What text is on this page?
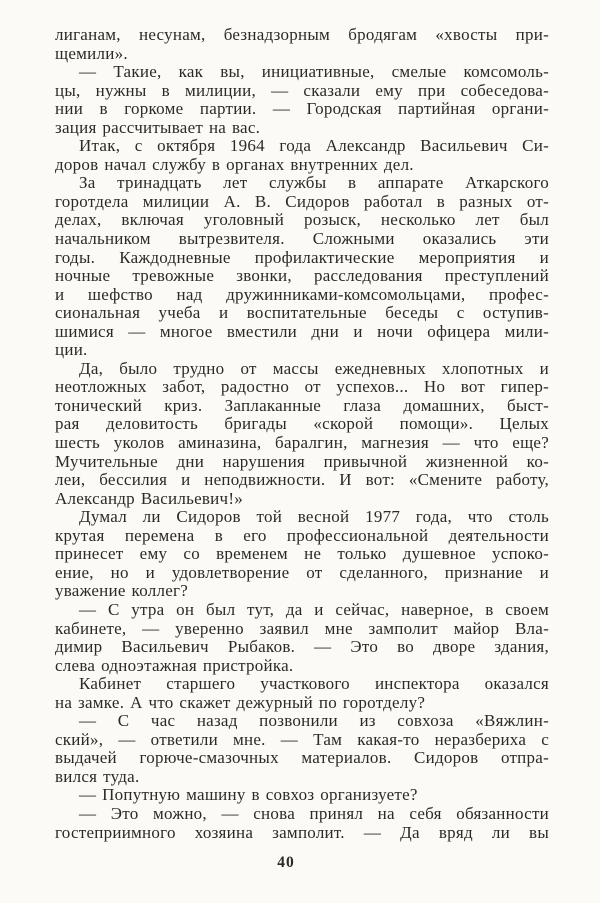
лиганам, несунам, безнадзорным бродягам «хвосты при-
щемили».
— Такие, как вы, инициативные, смелые комсомоль-
цы, нужны в милиции, — сказали ему при собеседова-
нии в горкоме партии. — Городская партийная органи-
зация рассчитывает на вас.
Итак, с октября 1964 года Александр Васильевич Си-
доров начал службу в органах внутренних дел.
За тринадцать лет службы в аппарате Аткарского
горотдела милиции А. В. Сидоров работал в разных от-
делах, включая уголовный розыск, несколько лет был
начальником вытрезвителя. Сложными оказались эти
годы. Каждодневные профилактические мероприятия и
ночные тревожные звонки, расследования преступлений
и шефство над дружинниками-комсомольцами, профес-
сиональная учеба и воспитательные беседы с оступив-
шимися — многое вместили дни и ночи офицера мили-
ции.
Да, было трудно от массы ежедневных хлопотных и
неотложных забот, радостно от успехов... Но вот гипер-
тонический криз. Заплаканные глаза домашних, быст-
рая деловитость бригады «скорой помощи». Целых
шесть уколов аминазина, баралгин, магнезия — что еще?
Мучительные дни нарушения привычной жизненной ко-
леи, бессилия и неподвижности. И вот: «Смените работу,
Александр Васильевич!»
Думал ли Сидоров той весной 1977 года, что столь
крутая перемена в его профессиональной деятельности
принесет ему со временем не только душевное успоко-
ение, но и удовлетворение от сделанного, признание и
уважение коллег?
— С утра он был тут, да и сейчас, наверное, в своем
кабинете, — уверенно заявил мне замполит майор Вла-
димир Васильевич Рыбаков. — Это во дворе здания,
слева одноэтажная пристройка.
Кабинет старшего участкового инспектора оказался
на замке. А что скажет дежурный по горотделу?
— С час назад позвонили из совхоза «Вяжлин-
ский», — ответили мне. — Там какая-то неразбериха с
выдачей горюче-смазочных материалов. Сидоров отпра-
вился туда.
— Попутную машину в совхоз организуете?
— Это можно, — снова принял на себя обязанности
гостеприимного хозяина замполит. — Да вряд ли вы
40
